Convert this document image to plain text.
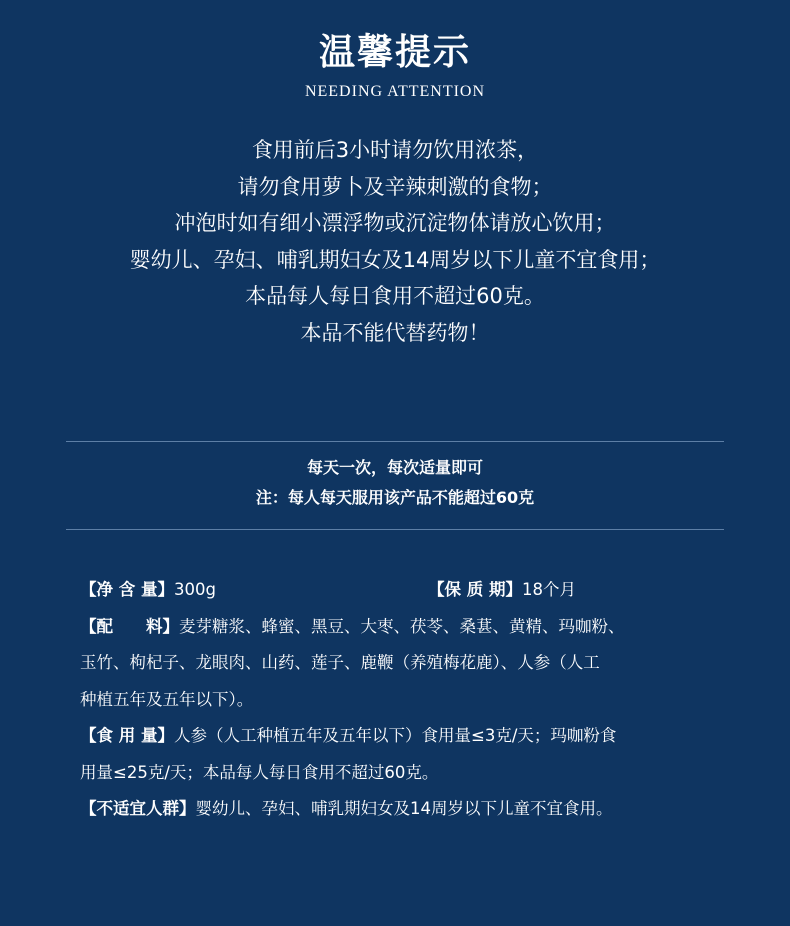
温馨提示
NEEDING ATTENTION
食用前后3小时请勿饮用浓茶，
请勿食用萝卜及辛辣刺激的食物；
冲泡时如有细小漂浮物或沉淀物体请放心饮用；
婴幼儿、孕妇、哺乳期妇女及14周岁以下儿童不宜食用；
本品每人每日食用不超过60克。
本品不能代替药物！
每天一次，每次适量即可
注：每人每天服用该产品不能超过60克
【净 含 量】300g	【保 质 期】18个月
【配　　料】麦芽糖浆、蜂蜜、黑豆、大枣、茯苓、桑葚、黄精、玛咖粉、
玉竹、枸杞子、龙眼肉、山药、莲子、鹿鞭（养殖梅花鹿）、人参（人工
种植五年及五年以下）。
【食 用 量】人参（人工种植五年及五年以下）食用量≤3克/天；玛咖粉食
用量≤25克/天；本品每人每日食用不超过60克。
【不适宜人群】婴幼儿、孕妇、哺乳期妇女及14周岁以下儿童不宜食用。
